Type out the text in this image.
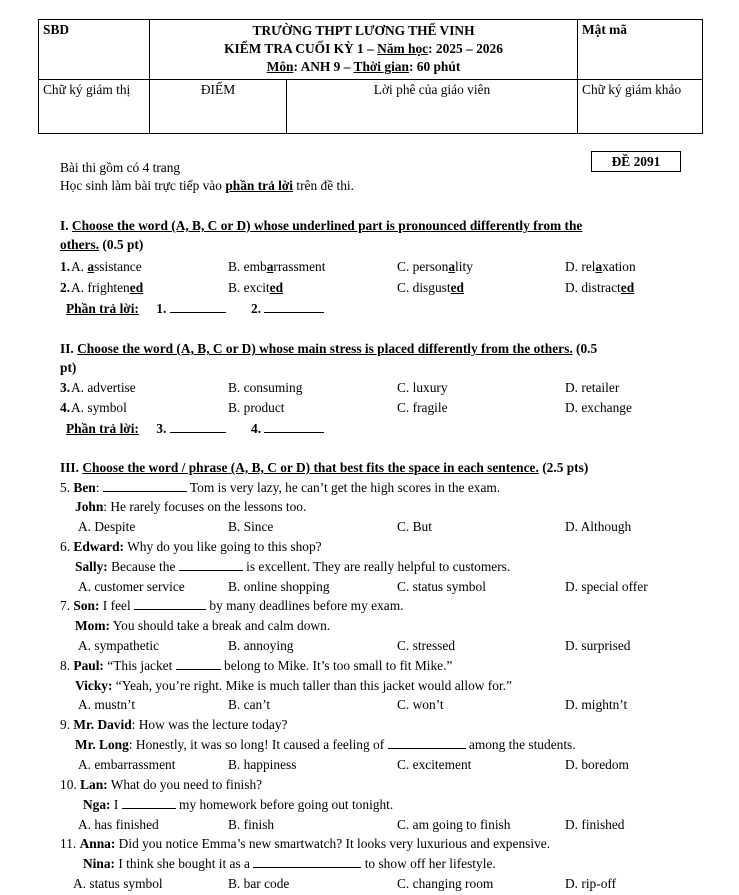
SBD	TRƯỜNG THPT LƯƠNG THẾ VINH
KIỂM TRA CUỐI KỲ 1 – Năm học: 2025 – 2026
Môn: ANH 9 – Thời gian: 60 phút		Mật mã
Chữ ký giám thị	ĐIỂM	Lời phê của giáo viên	Chữ ký giám khảo
Bài thi gồm có 4 trang
Học sinh làm bài trực tiếp vào phần trả lời trên đề thi.
ĐỀ 2091
I. Choose the word (A, B, C or D) whose underlined part is pronounced differently from the
others. (0.5 pt)
1. A. assistance	B. embarrassment	C. personality	D. relaxation
2. A. frightened	B. excited	C. disgusted	D. distracted
Phần trả lời: 1.	2.
II. Choose the word (A, B, C or D) whose main stress is placed differently from the others. (0.5
pt)
3. A. advertise	B. consuming	C. luxury	D. retailer
4. A. symbol	B. product	C. fragile	D. exchange
Phần trả lời: 3.	4.
III. Choose the word / phrase (A, B, C or D) that best fits the space in each sentence. (2.5 pts)
5. Ben:	Tom is very lazy, he can’t get the high scores in the exam.
John: He rarely focuses on the lessons too.
A. Despite	B. Since	C. But	D. Although
6. Edward: Why do you like going to this shop?
Sally: Because the	is excellent. They are really helpful to customers.
A. customer service	B. online shopping	C. status symbol	D. special offer
7. Son: I feel	by many deadlines before my exam.
Mom: You should take a break and calm down.
A. sympathetic	B. annoying	C. stressed	D. surprised
8. Paul: “This jacket	belong to Mike. It’s too small to fit Mike.”
Vicky: “Yeah, you’re right. Mike is much taller than this jacket would allow for.”
A. mustn’t	B. can’t	C. won’t	D. mightn’t
9. Mr. David: How was the lecture today?
Mr. Long: Honestly, it was so long! It caused a feeling of	among the students.
A. embarrassment	B. happiness	C. excitement	D. boredom
10. Lan: What do you need to finish?
Nga: I	my homework before going out tonight.
A. has finished	B. finish	C. am going to finish	D. finished
11. Anna: Did you notice Emma’s new smartwatch? It looks very luxurious and expensive.
Nina: I think she bought it as a	to show off her lifestyle.
A. status symbol	B. bar code	C. changing room	D. rip-off
